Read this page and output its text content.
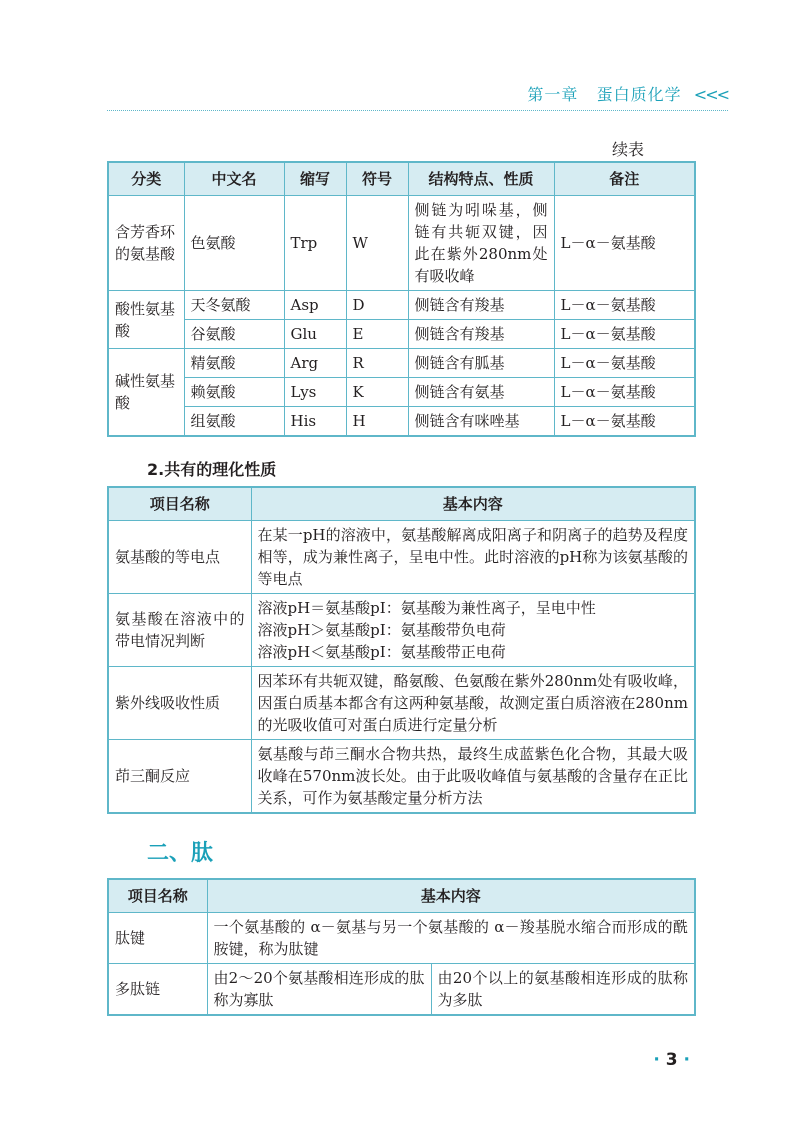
第一章 蛋白质化学 <<<
续表
分类	中文名	缩写	符号	结构特点、性质	备注
含芳香环的氨基酸	色氨酸	Trp	W	侧链为吲哚基，侧链有共轭双键，因此在紫外280nm处有吸收峰	L－α－氨基酸
酸性氨基酸	天冬氨酸	Asp	D	侧链含有羧基	L－α－氨基酸
	谷氨酸	Glu	E	侧链含有羧基	L－α－氨基酸
碱性氨基酸	精氨酸	Arg	R	侧链含有胍基	L－α－氨基酸
	赖氨酸	Lys	K	侧链含有氨基	L－α－氨基酸
	组氨酸	His	H	侧链含有咪唑基	L－α－氨基酸
2.共有的理化性质
项目名称	基本内容
氨基酸的等电点	在某一pH的溶液中，氨基酸解离成阳离子和阴离子的趋势及程度相等，成为兼性离子，呈电中性。此时溶液的pH称为该氨基酸的等电点
氨基酸在溶液中的带电情况判断	溶液pH＝氨基酸pI：氨基酸为兼性离子，呈电中性
溶液pH＞氨基酸pI：氨基酸带负电荷
溶液pH＜氨基酸pI：氨基酸带正电荷

紫外线吸收性质	因苯环有共轭双键，酪氨酸、色氨酸在紫外280nm处有吸收峰，因蛋白质基本都含有这两种氨基酸，故测定蛋白质溶液在280nm的光吸收值可对蛋白质进行定量分析
茚三酮反应	氨基酸与茚三酮水合物共热，最终生成蓝紫色化合物，其最大吸收峰在570nm波长处。由于此吸收峰值与氨基酸的含量存在正比关系，可作为氨基酸定量分析方法
二、肽
项目名称	基本内容	
肽键	一个氨基酸的 α－氨基与另一个氨基酸的 α－羧基脱水缩合而形成的酰胺键，称为肽键	
多肽链	由2～20个氨基酸相连形成的肽称为寡肽	由20个以上的氨基酸相连形成的肽称为多肽
· 3 ·
